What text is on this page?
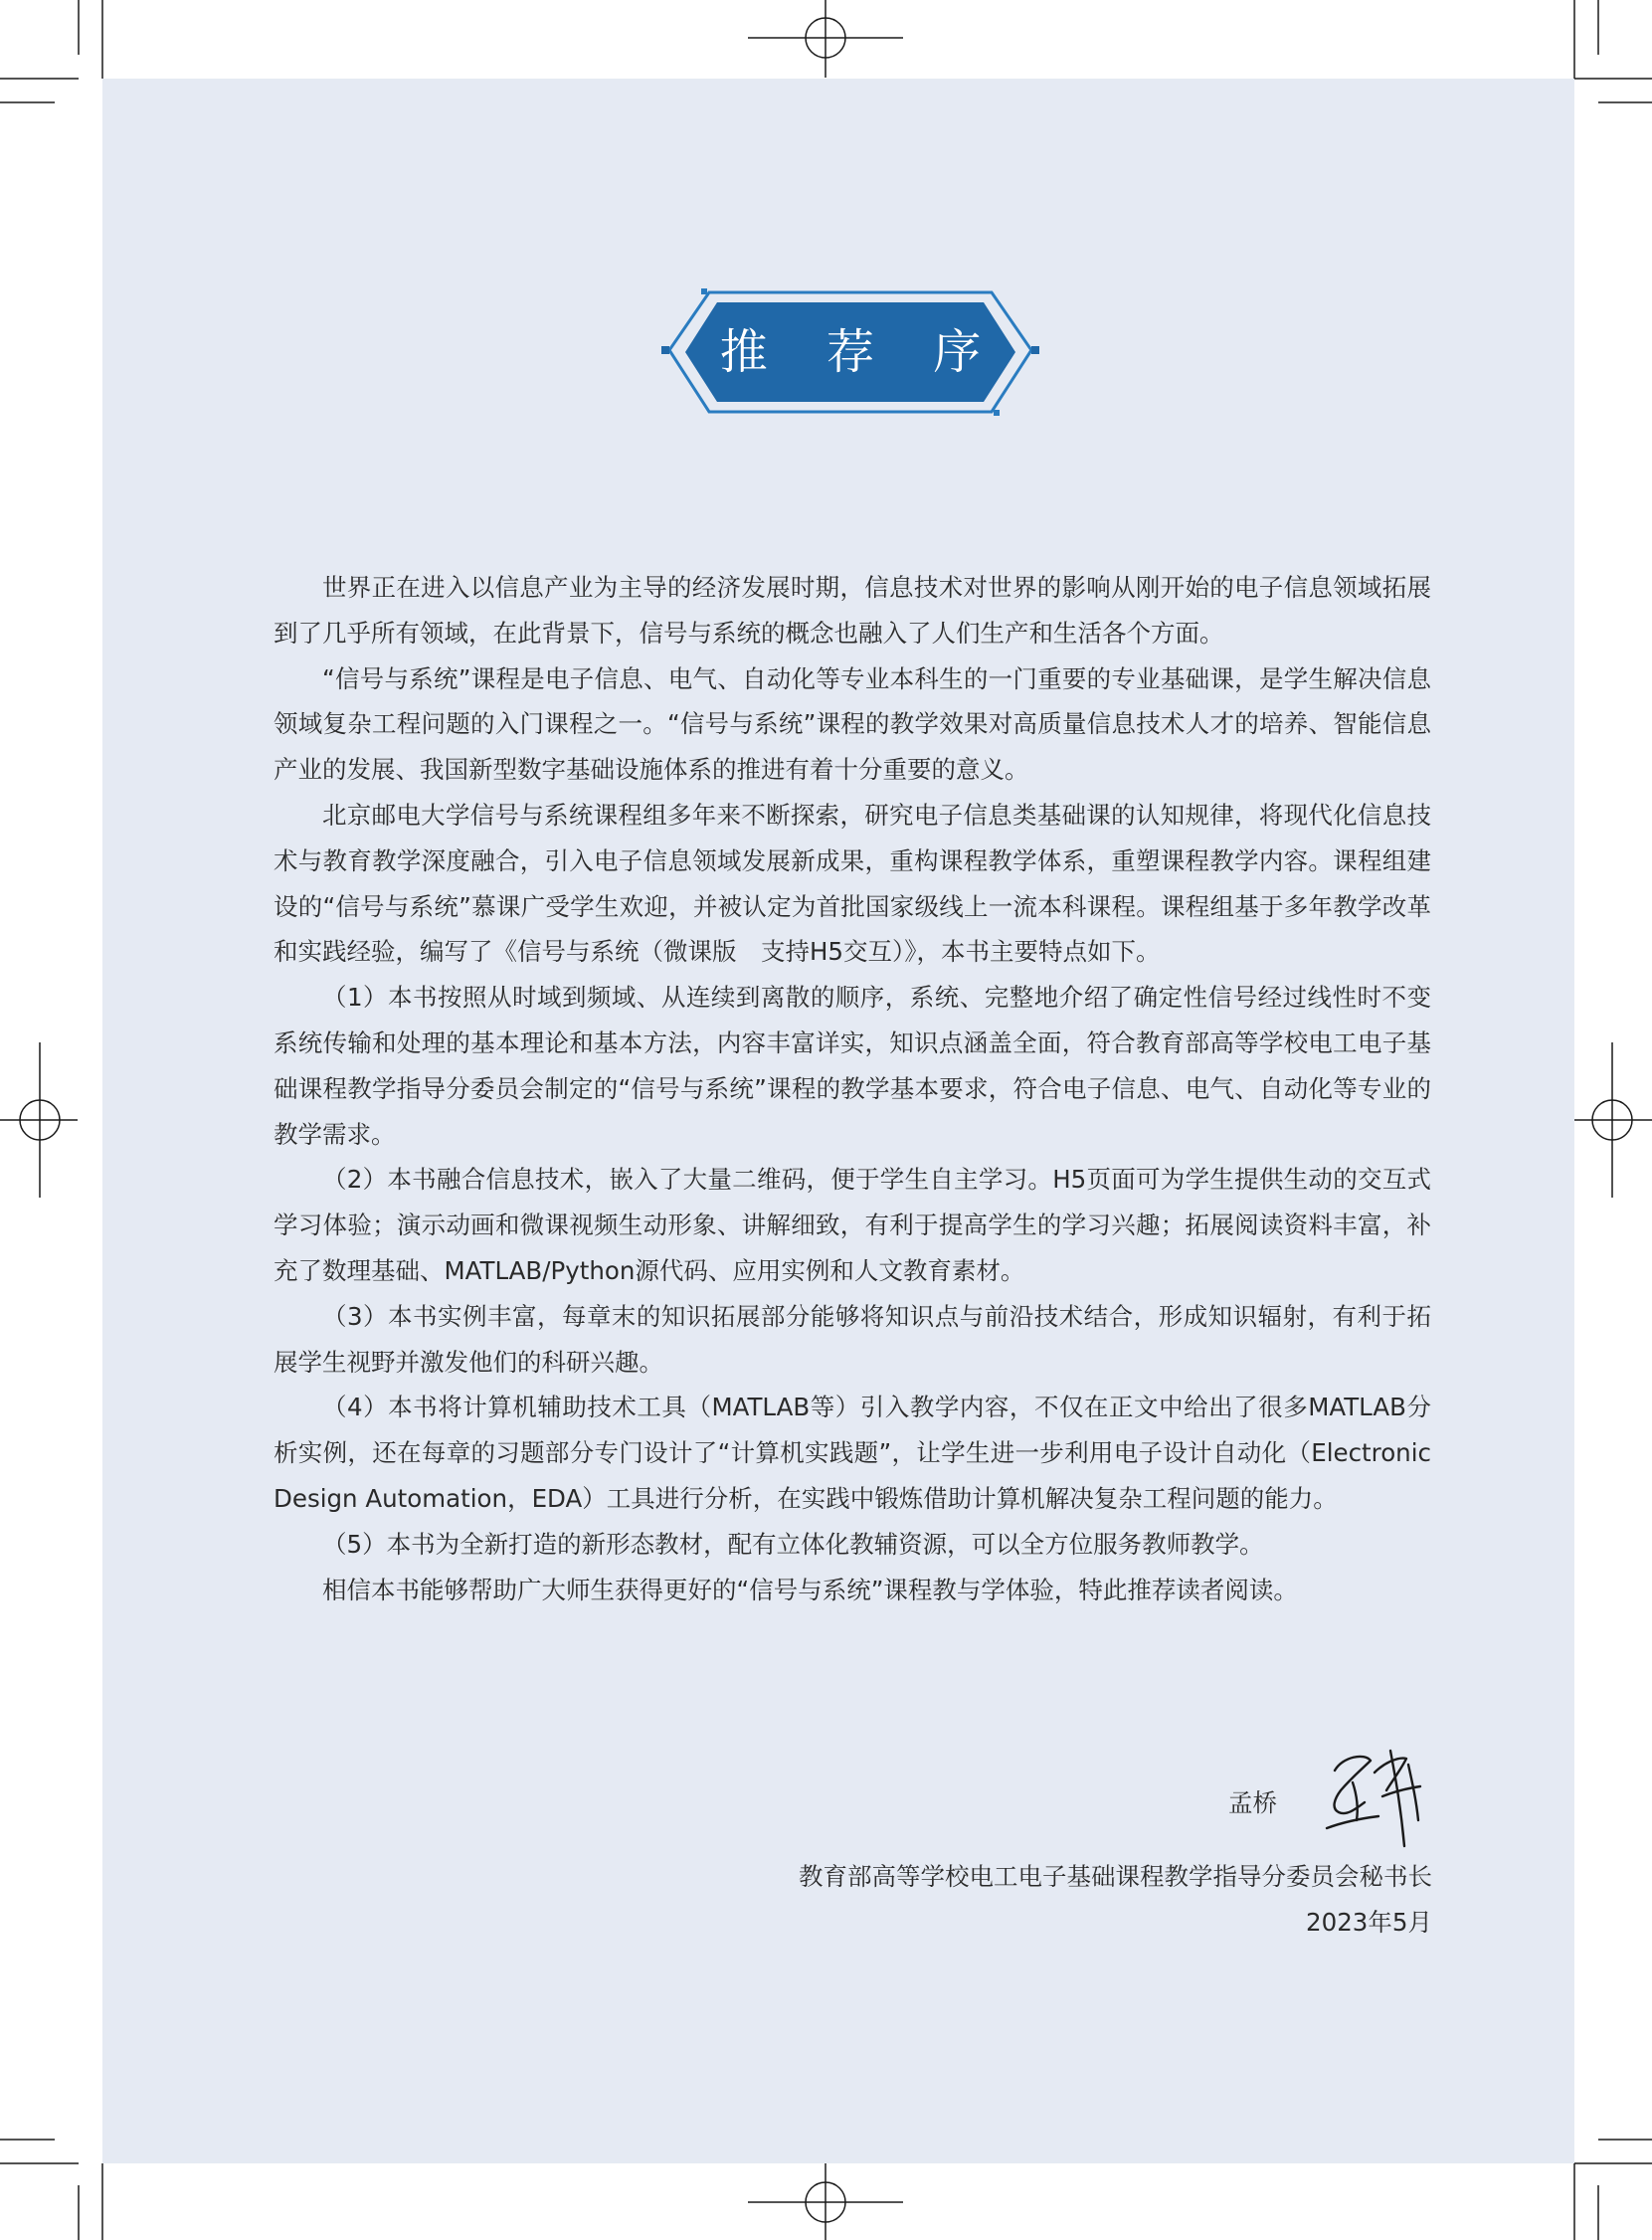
推 荐 序

世界正在进入以信息产业为主导的经济发展时期，信息技术对世界的影响从刚开始的电子信息领域拓展到了几乎所有领域，在此背景下，信号与系统的概念也融入了人们生产和生活各个方面。

“信号与系统”课程是电子信息、电气、自动化等专业本科生的一门重要的专业基础课，是学生解决信息领域复杂工程问题的入门课程之一。“信号与系统”课程的教学效果对高质量信息技术人才的培养、智能信息产业的发展、我国新型数字基础设施体系的推进有着十分重要的意义。

北京邮电大学信号与系统课程组多年来不断探索，研究电子信息类基础课的认知规律，将现代化信息技术与教育教学深度融合，引入电子信息领域发展新成果，重构课程教学体系，重塑课程教学内容。课程组建设的“信号与系统”慕课广受学生欢迎，并被认定为首批国家级线上一流本科课程。课程组基于多年教学改革和实践经验，编写了《信号与系统（微课版　支持H5交互）》，本书主要特点如下。

（1）本书按照从时域到频域、从连续到离散的顺序，系统、完整地介绍了确定性信号经过线性时不变系统传输和处理的基本理论和基本方法，内容丰富详实，知识点涵盖全面，符合教育部高等学校电工电子基础课程教学指导分委员会制定的“信号与系统”课程的教学基本要求，符合电子信息、电气、自动化等专业的教学需求。

（2）本书融合信息技术，嵌入了大量二维码，便于学生自主学习。H5页面可为学生提供生动的交互式学习体验；演示动画和微课视频生动形象、讲解细致，有利于提高学生的学习兴趣；拓展阅读资料丰富，补充了数理基础、MATLAB/Python源代码、应用实例和人文教育素材。

（3）本书实例丰富，每章末的知识拓展部分能够将知识点与前沿技术结合，形成知识辐射，有利于拓展学生视野并激发他们的科研兴趣。

（4）本书将计算机辅助技术工具（MATLAB等）引入教学内容，不仅在正文中给出了很多MATLAB分析实例，还在每章的习题部分专门设计了“计算机实践题”，让学生进一步利用电子设计自动化（Electronic Design Automation，EDA）工具进行分析，在实践中锻炼借助计算机解决复杂工程问题的能力。

（5）本书为全新打造的新形态教材，配有立体化教辅资源，可以全方位服务教师教学。

相信本书能够帮助广大师生获得更好的“信号与系统”课程教与学体验，特此推荐读者阅读。

孟桥
教育部高等学校电工电子基础课程教学指导分委员会秘书长
2023年5月
